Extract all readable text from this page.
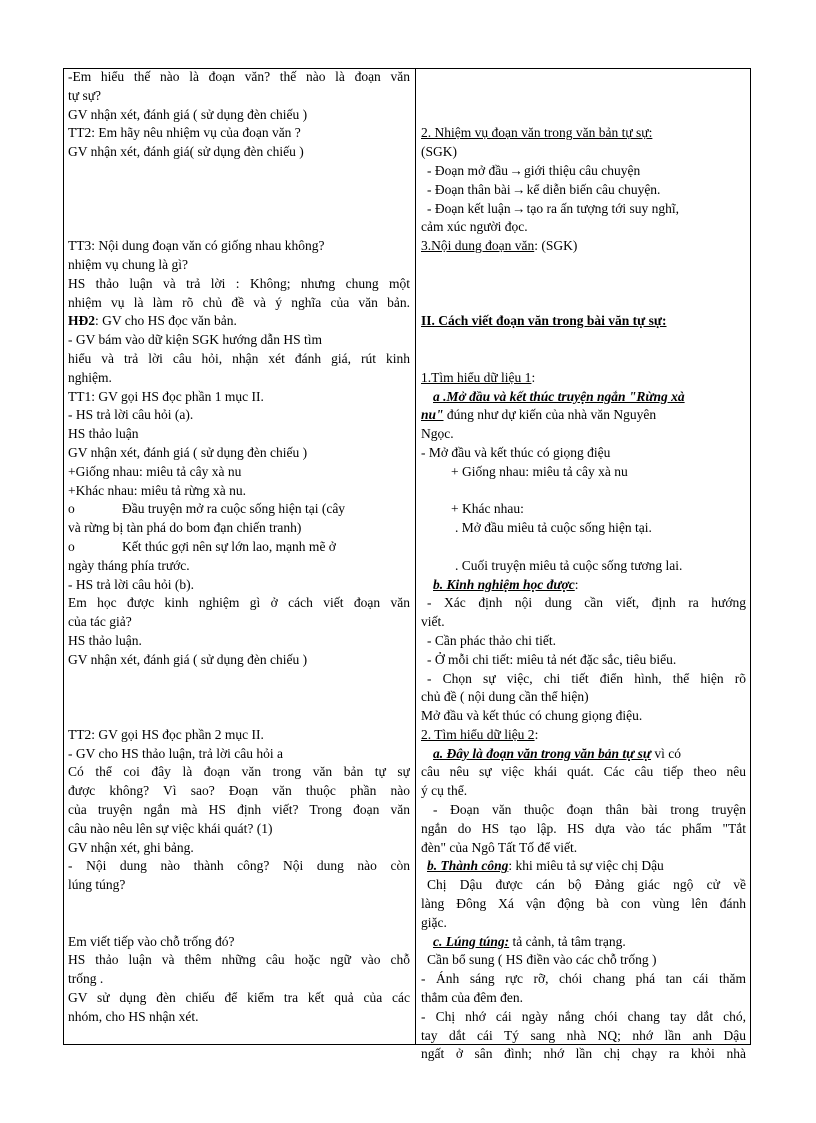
-Em hiểu thế nào là đoạn văn? thế nào là đoạn văn
tự sự?
GV nhận xét, đánh giá ( sử dụng đèn chiếu )
TT2: Em hãy nêu nhiệm vụ của đoạn văn ?
GV nhận xét, đánh giá( sử dụng đèn chiếu )
TT3: Nội dung đoạn văn có giống nhau không?
nhiệm vụ chung là gì?
HS thảo luận và trả lời : Không; nhưng chung một
nhiệm vụ là làm rõ chủ đề và ý nghĩa của văn bản.
HĐ2: GV cho HS đọc văn bản.
- GV bám vào dữ kiện SGK hướng dẫn HS tìm
hiểu và trả lời câu hỏi, nhận xét đánh giá, rút kinh
nghiệm.
TT1: GV gọi HS đọc phần 1 mục II.
- HS trả lời câu hỏi (a).
HS thảo luận
GV nhận xét, đánh giá ( sử dụng đèn chiếu )
+Giống nhau: miêu tả cây xà nu
+Khác nhau: miêu tả rừng xà nu.
o	Đầu truyện mở ra cuộc sống hiện tại (cây
và rừng bị tàn phá do bom đạn chiến tranh)
o	Kết thúc gợi nên sự lớn lao, mạnh mẽ ở
ngày tháng phía trước.
- HS trả lời câu hỏi (b).
Em học được kinh nghiệm gì ở cách viết đoạn văn
của tác giả?
HS thảo luận.
GV nhận xét, đánh giá ( sử dụng đèn chiếu )
TT2: GV gọi HS đọc phần 2 mục II.
- GV cho HS thảo luận, trả lời câu hỏi a
Có thể coi đây là đoạn văn trong văn bản tự sự
được không? Vì sao? Đoạn văn thuộc phần nào
của truyện ngắn mà HS định viết? Trong đoạn văn
câu nào nêu lên sự việc khái quát? (1)
GV nhận xét, ghi bảng.
- Nội dung nào thành công? Nội dung nào còn
lúng túng?
Em viết tiếp vào chỗ trống đó?
HS thảo luận và thêm những câu hoặc ngữ vào chỗ
trống .
GV sử dụng đèn chiếu để kiểm tra kết quả của các
nhóm, cho HS nhận xét.
2. Nhiệm vụ đoạn văn trong văn bản tự sự:
(SGK)
- Đoạn mở đầu→giới thiệu câu chuyện
- Đoạn thân bài→kể diễn biến câu chuyện.
- Đoạn kết luận→tạo ra ấn tượng tới suy nghĩ,
cảm xúc người đọc.
3.Nội dung đoạn văn: (SGK)
II. Cách viết đoạn văn trong bài văn tự sự:
1.Tìm hiểu dữ liệu 1:
a .Mở đầu và kết thúc truyện ngắn "Rừng xà
nu" đúng như dự kiến của nhà văn Nguyên
Ngọc.
- Mở đầu và kết thúc có giọng điệu
+ Giống nhau: miêu tả cây xà nu
+ Khác nhau:
. Mở đầu miêu tả cuộc sống hiện tại.
. Cuối truyện miêu tả cuộc sống tương lai.
b. Kinh nghiệm học được:
- Xác định nội dung cần viết, định ra hướng
viết.
- Cần phác thảo chi tiết.
- Ở mỗi chi tiết: miêu tả nét đặc sắc, tiêu biểu.
- Chọn sự việc, chi tiết điển hình, thể hiện rõ
chủ đề ( nội dung cần thể hiện)
Mở đầu và kết thúc có chung giọng điệu.
2. Tìm hiểu dữ liệu 2:
a. Đây là đoạn văn trong văn bản tự sự vì có
câu nêu sự việc khái quát. Các câu tiếp theo nêu
ý cụ thể.
- Đoạn văn thuộc đoạn thân bài trong truyện
ngắn do HS tạo lập. HS dựa vào tác phẩm "Tắt
đèn" của Ngô Tất Tố để viết.
b. Thành công: khi miêu tả sự việc chị Dậu
Chị Dậu được cán bộ Đảng giác ngộ cử về
làng Đông Xá vận động bà con vùng lên đánh
giặc.
c. Lúng túng: tả cảnh, tả tâm trạng.
Cần bổ sung ( HS điền vào các chỗ trống )
- Ánh sáng rực rỡ, chói chang phá tan cái thăm
thẳm của đêm đen.
- Chị nhớ cái ngày nắng chói chang tay dắt chó,
tay dắt cái Tý sang nhà NQ; nhớ lần anh Dậu
ngất ở sân đình; nhớ lần chị chạy ra khỏi nhà
